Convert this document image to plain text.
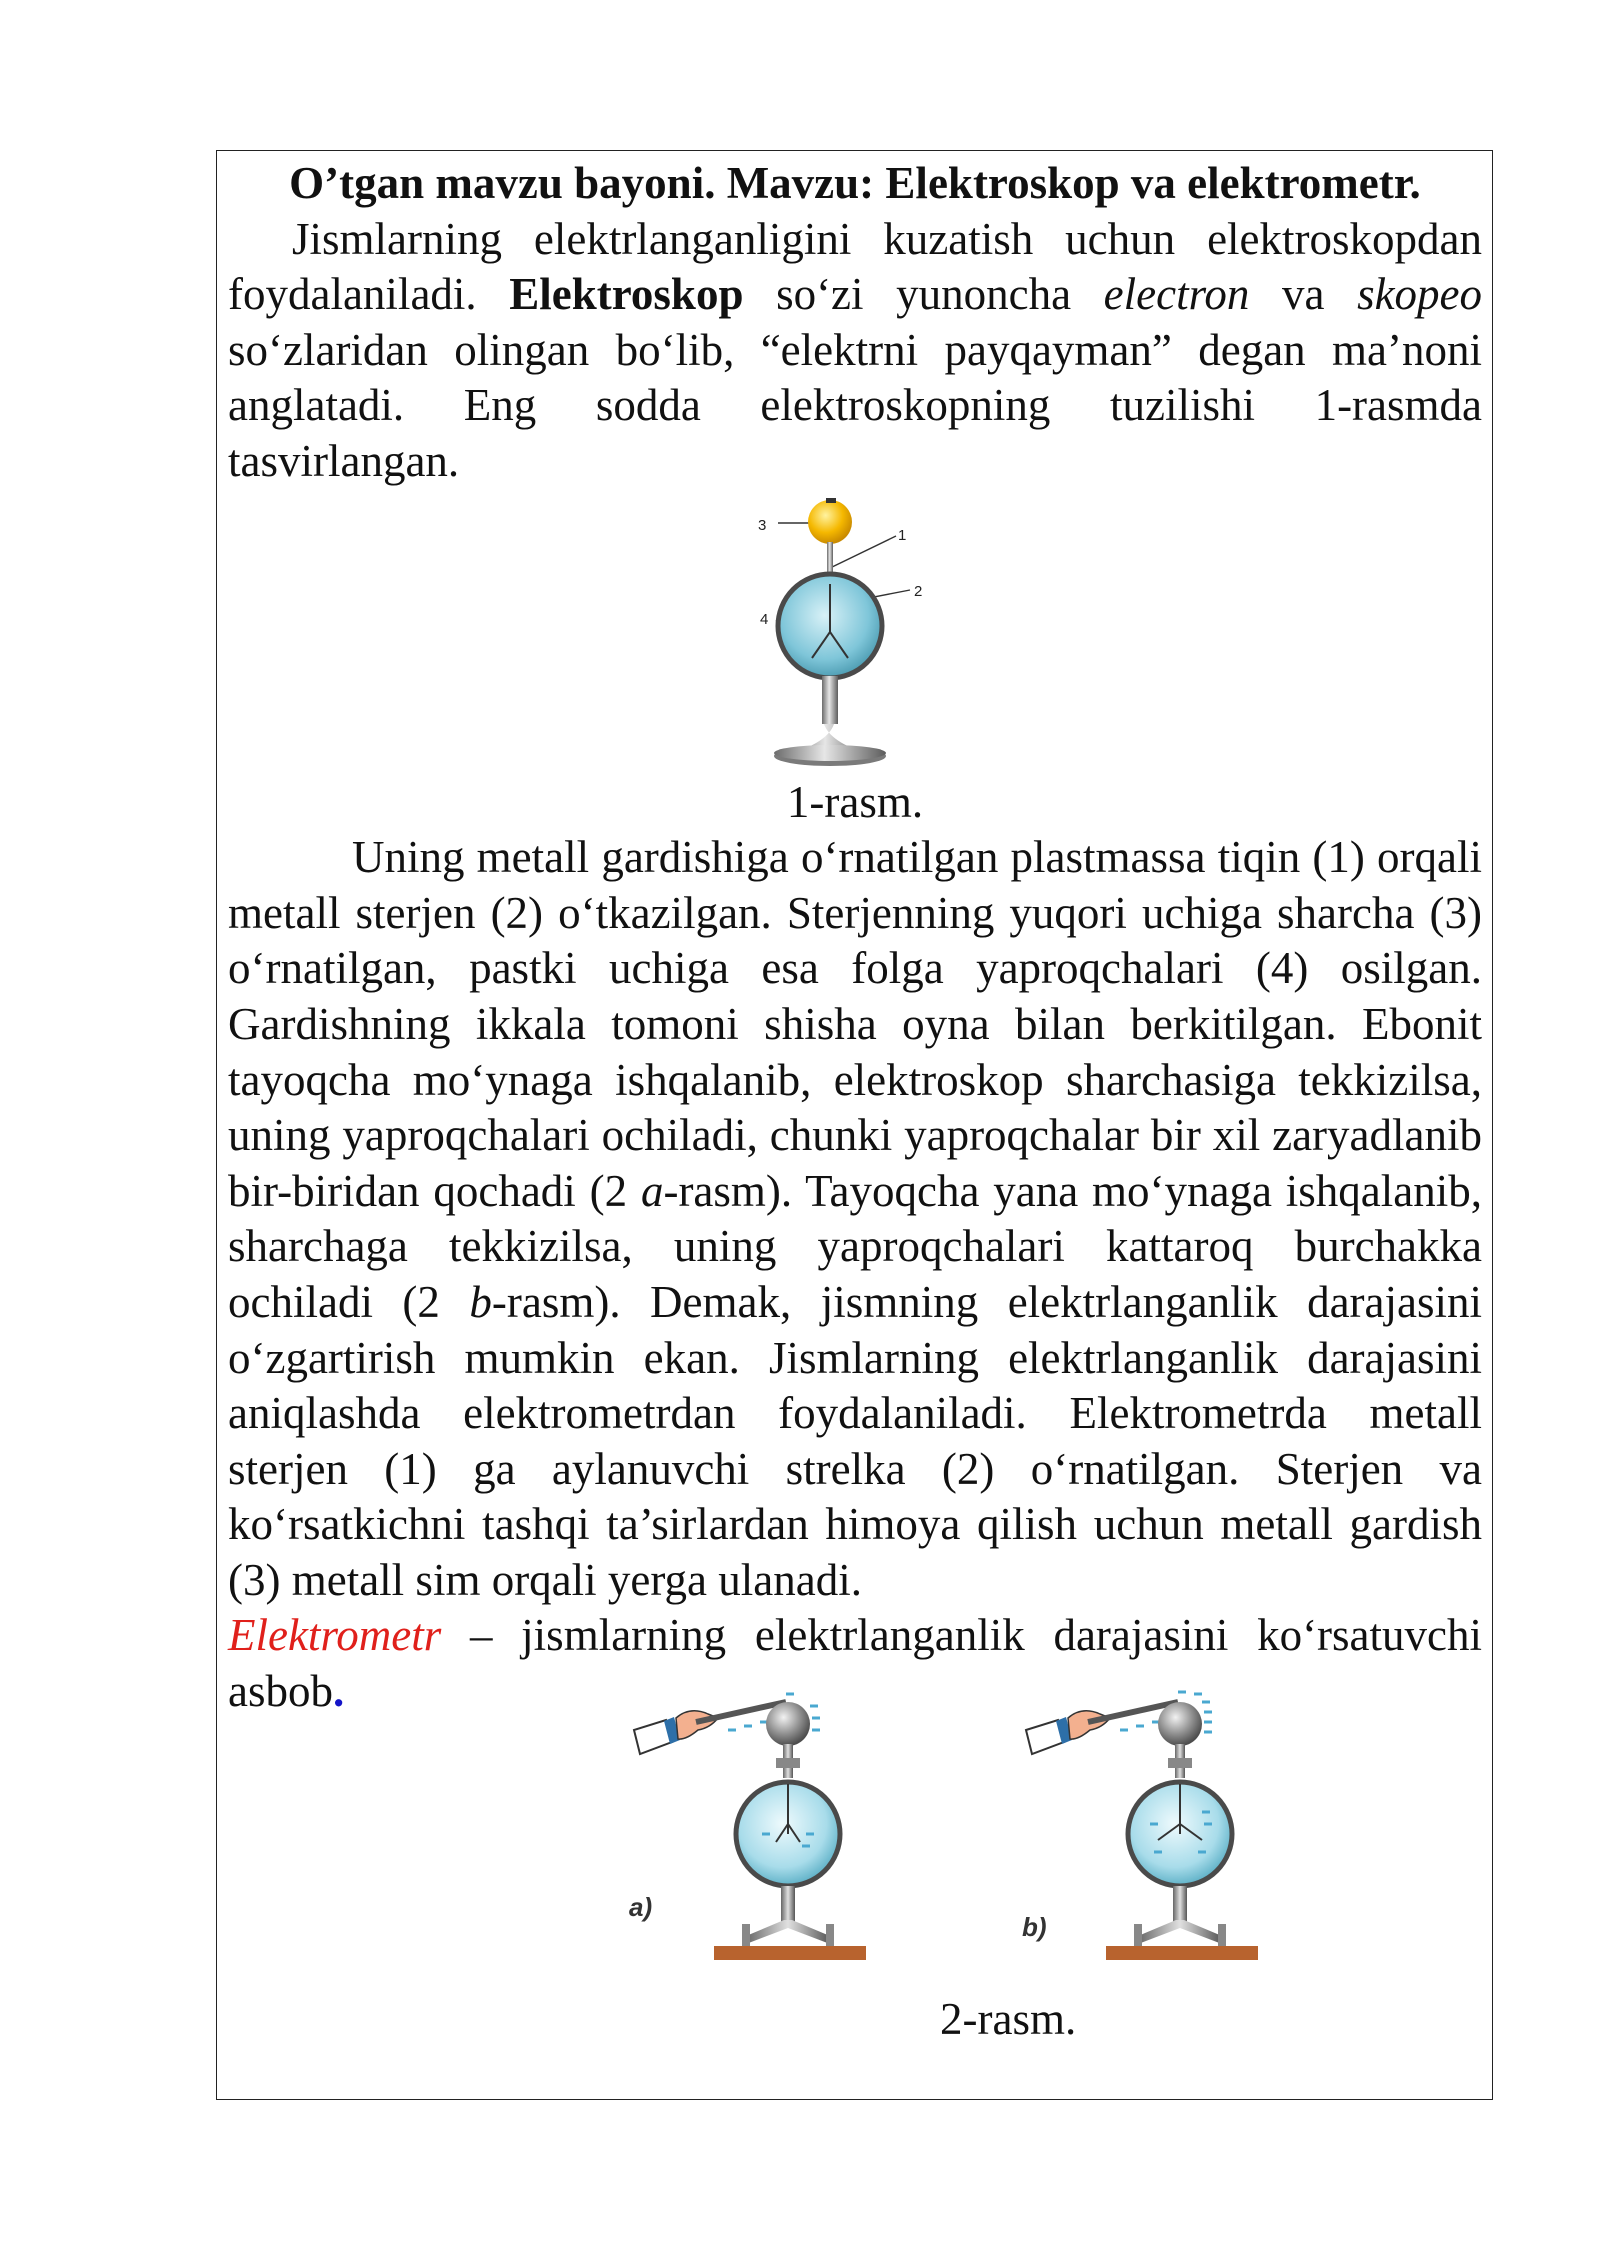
O’tgan mavzu bayoni. Mavzu: Elektroskop va elektrometr.

Jismlarning elektrlanganligini kuzatish uchun elektroskopdan foydalaniladi. Elektroskop so‘zi yunoncha electron va skopeo so‘zlaridan olingan bo‘lib, “elektrni payqayman” degan ma’noni anglatadi. Eng sodda elektroskopning tuzilishi 1-rasmda tasvirlangan.

3
1
2
4

1-rasm.

Uning metall gardishiga o‘rnatilgan plastmassa tiqin (1) orqali metall sterjen (2) o‘tkazilgan. Sterjenning yuqori uchiga sharcha (3) o‘rnatilgan, pastki uchiga esa folga yaproqchalari (4) osilgan. Gardishning ikkala tomoni shisha oyna bilan berkitilgan. Ebonit tayoqcha mo‘ynaga ishqalanib, elektroskop sharchasiga tekkizilsa, uning yaproqchalari ochiladi, chunki yaproqchalar bir xil zaryadlanib bir-biridan qochadi (2 a-rasm). Tayoqcha yana mo‘ynaga ishqalanib, sharchaga tekkizilsa, uning yaproqchalari kattaroq burchakka ochiladi (2 b-rasm). Demak, jismning elektrlanganlik darajasini o‘zgartirish mumkin ekan. Jismlarning elektrlanganlik darajasini aniqlashda elektrometrdan foydalaniladi. Elektrometrda metall sterjen (1) ga aylanuvchi strelka (2) o‘rnatilgan. Sterjen va ko‘rsatkichni tashqi ta’sirlardan himoya qilish uchun metall gardish (3) metall sim orqali yerga ulanadi.

Elektrometr – jismlarning elektrlanganlik darajasini ko‘rsatuvchi asbob.

a)
b)

2-rasm.
